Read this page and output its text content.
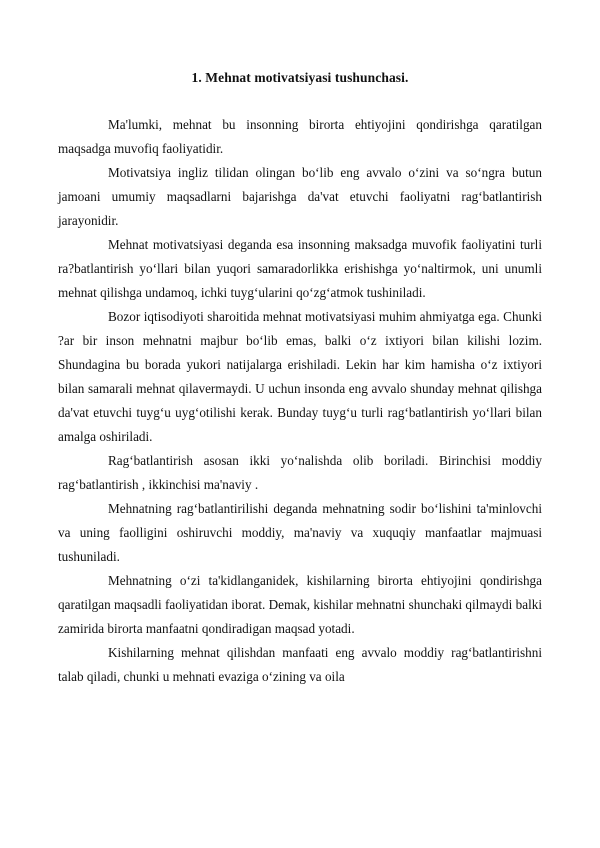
1. Mehnat motivatsiyasi tushunchasi.

Ma'lumki, mehnat bu insonning birorta ehtiyojini qondirishga qaratilgan maqsadga muvofiq faoliyatidir.

Motivatsiya ingliz tilidan olingan bo‘lib eng avvalo o‘zini va so‘ngra butun jamoani umumiy maqsadlarni bajarishga da'vat etuvchi faoliyatni rag‘batlantirish jarayonidir.

Mehnat motivatsiyasi deganda esa insonning maksadga muvofik faoliyatini turli ra?batlantirish yo‘llari bilan yuqori samaradorlikka erishishga yo‘naltirmok, uni unumli mehnat qilishga undamoq, ichki tuyg‘ularini qo‘zg‘atmok tushiniladi.

Bozor iqtisodiyoti sharoitida mehnat motivatsiyasi muhim ahmiyatga ega. Chunki ?ar bir inson mehnatni majbur bo‘lib emas, balki o‘z ixtiyori bilan kilishi lozim. Shundagina bu borada yukori natijalarga erishiladi. Lekin har kim hamisha o‘z ixtiyori bilan samarali mehnat qilavermaydi. U uchun insonda eng avvalo shunday mehnat qilishga da'vat etuvchi tuyg‘u uyg‘otilishi kerak. Bunday tuyg‘u turli rag‘batlantirish yo‘llari bilan amalga oshiriladi.

Rag‘batlantirish asosan ikki yo‘nalishda olib boriladi. Birinchisi moddiy rag‘batlantirish , ikkinchisi ma'naviy .

Mehnatning rag‘batlantirilishi deganda mehnatning sodir bo‘lishini ta'minlovchi va uning faolligini oshiruvchi moddiy, ma'naviy va xuquqiy manfaatlar majmuasi tushuniladi.

Mehnatning o‘zi ta'kidlanganidek, kishilarning birorta ehtiyojini qondirishga qaratilgan maqsadli faoliyatidan iborat. Demak, kishilar mehnatni shunchaki qilmaydi balki zamirida birorta manfaatni qondiradigan maqsad yotadi.

Kishilarning mehnat qilishdan manfaati eng avvalo moddiy rag‘batlantirishni talab qiladi, chunki u mehnati evaziga o‘zining va oila
